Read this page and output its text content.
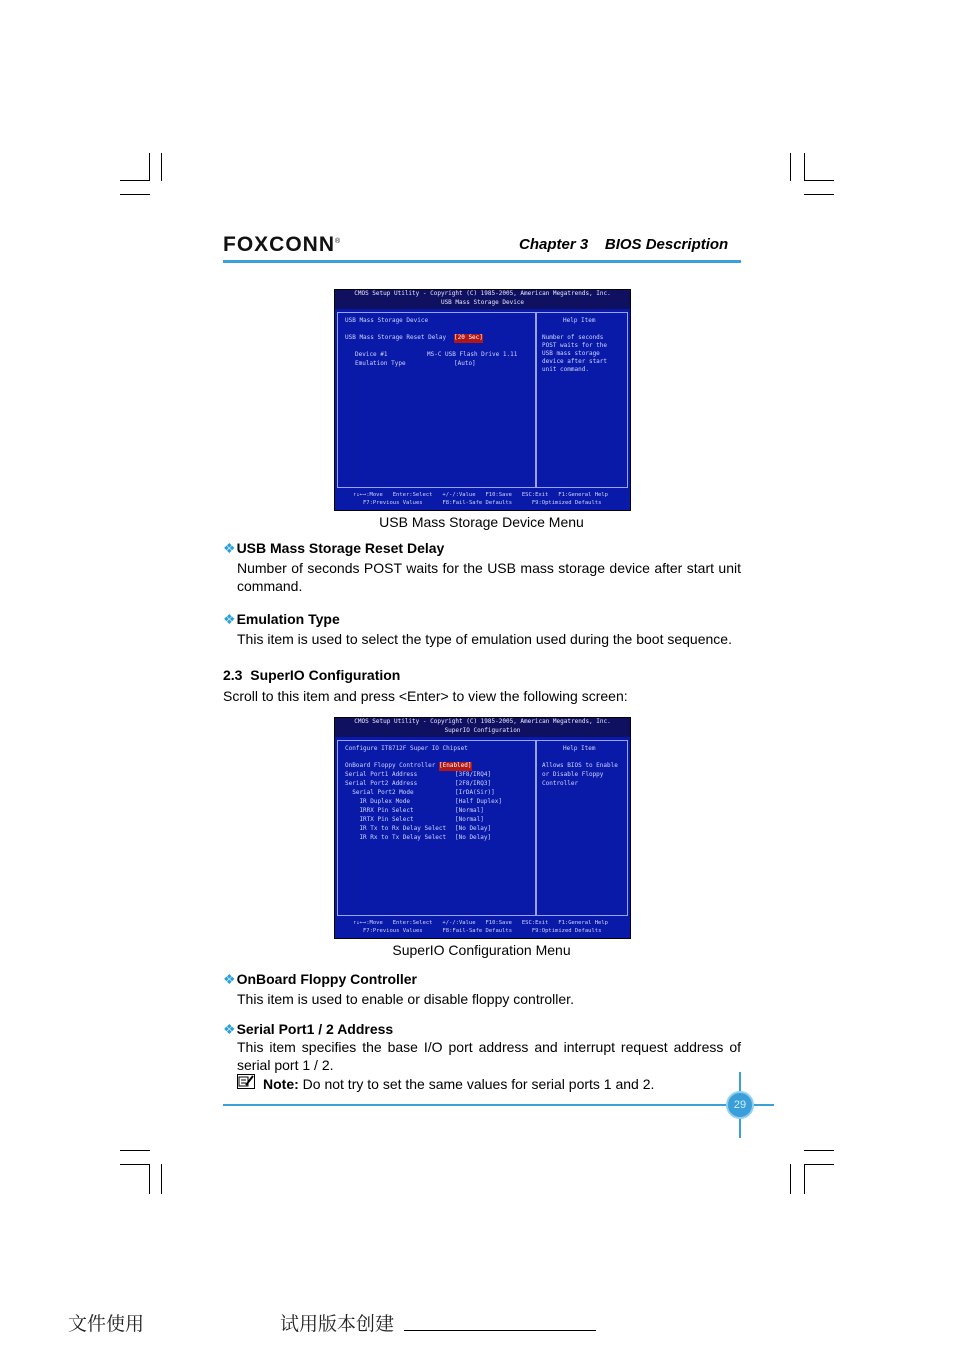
FOXCONN®	Chapter 3 BIOS Description
CMOS Setup Utility - Copyright (C) 1985-2005, American Megatrends, Inc.
USB Mass Storage Device
USB Mass Storage Device
USB Mass Storage Reset Delay [20 Sec]
Device #1	MS-C USB Flash Drive 1.11
Emulation Type	[Auto]
Help Item
Number of seconds
POST waits for the
USB mass storage
device after start
unit command.
↑↓←→:Move   Enter:Select   +/-/:Value   F10:Save   ESC:Exit   F1:General Help
F7:Previous Values      F8:Fail-Safe Defaults      F9:Optimized Defaults
USB Mass Storage Device Menu
❖USB Mass Storage Reset Delay
Number of seconds POST waits for the USB mass storage device after start unit command.
❖Emulation Type
This item is used to select the type of emulation used during the boot sequence.
2.3  SuperIO Configuration
Scroll to this item and press <Enter> to view the following screen:
CMOS Setup Utility - Copyright (C) 1985-2005, American Megatrends, Inc.
SuperIO Configuration
Configure IT8712F Super IO Chipset
OnBoard Floppy Controller [Enabled]
Serial Port1 Address	[3F8/IRQ4]
Serial Port2 Address	[2F8/IRQ3]
Serial Port2 Mode	[IrDA(Sir)]
IR Duplex Mode	[Half Duplex]
IRRX Pin Select	[Normal]
IRTX Pin Select	[Normal]
IR Tx to Rx Delay Select [No Delay]
IR Rx to Tx Delay Select [No Delay]
Help Item
Allows BIOS to Enable
or Disable Floppy
Controller
↑↓←→:Move   Enter:Select   +/-/:Value   F10:Save   ESC:Exit   F1:General Help
F7:Previous Values      F8:Fail-Safe Defaults      F9:Optimized Defaults
SuperIO Configuration Menu
❖OnBoard Floppy Controller
This item is used to enable or disable floppy controller.
❖Serial Port1 / 2 Address
This item specifies the base I/O port address and interrupt request address of serial port 1 / 2.
Note: Do not try to set the same values for serial ports 1 and 2.
29
文件使用	试用版本创建
